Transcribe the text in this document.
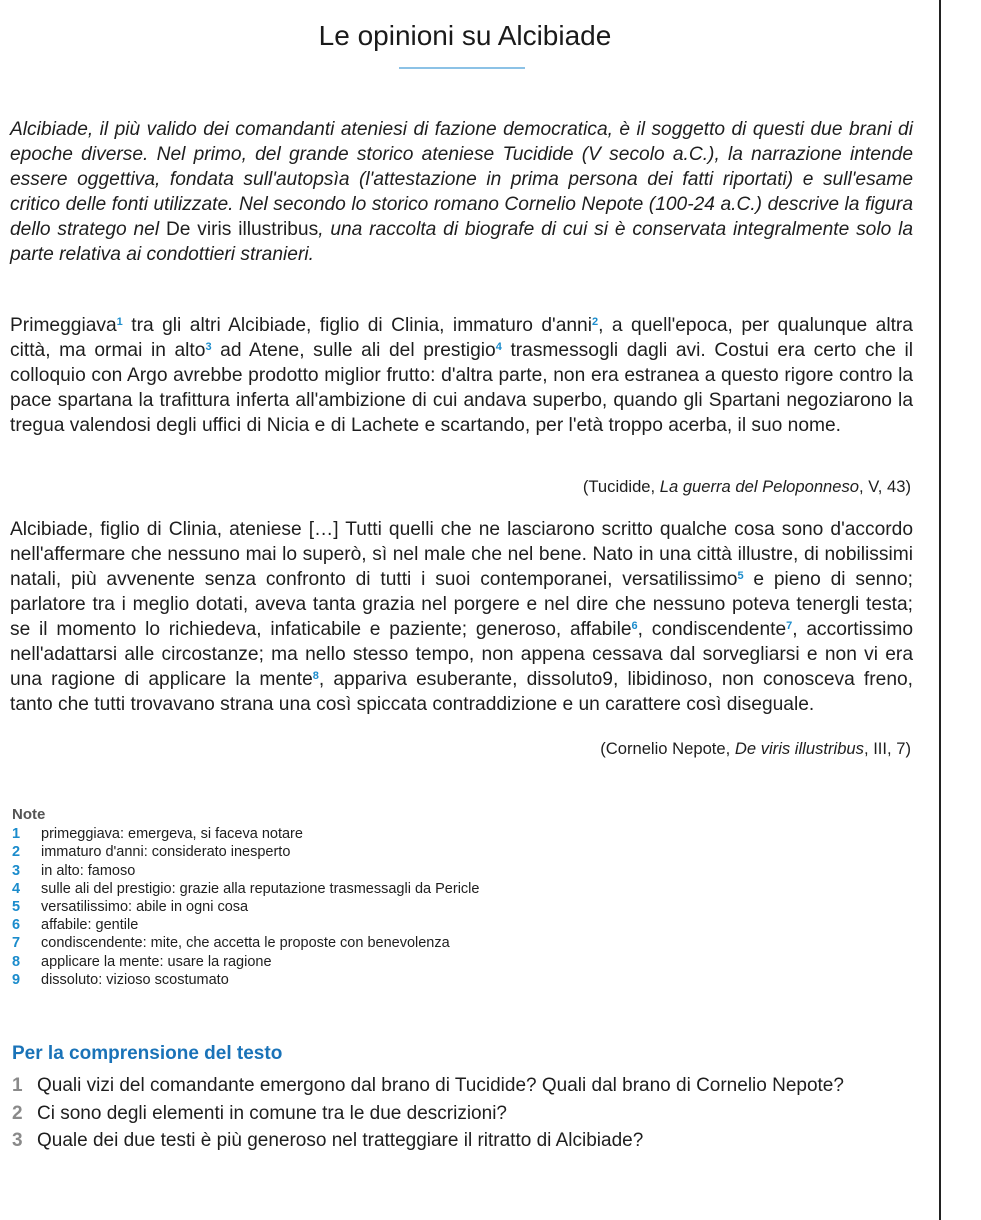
Le opinioni su Alcibiade
Alcibiade, il più valido dei comandanti ateniesi di fazione democratica, è il soggetto di questi due brani di epoche diverse. Nel primo, del grande storico ateniese Tucidide (V secolo a.C.), la narrazione intende essere oggettiva, fondata sull'autopsìa (l'attestazione in prima persona dei fatti riportati) e sull'esame critico delle fonti utilizzate. Nel secondo lo storico romano Cornelio Nepote (100-24 a.C.) descrive la figura dello stratego nel De viris illustribus, una raccolta di biografe di cui si è conservata integralmente solo la parte relativa ai condottieri stranieri.
Primeggiava$^1$ tra gli altri Alcibiade, figlio di Clinia, immaturo d'anni$^2$, a quell'epoca, per qualunque altra città, ma ormai in alto$^3$ ad Atene, sulle ali del prestigio$^4$ trasmessogli dagli avi. Costui era certo che il colloquio con Argo avrebbe prodotto miglior frutto: d'altra parte, non era estranea a questo rigore contro la pace spartana la trafittura inferta all'ambizione di cui andava superbo, quando gli Spartani negoziarono la tregua valendosi degli uffici di Nicia e di Lachete e scartando, per l'età troppo acerba, il suo nome.
(Tucidide, La guerra del Peloponneso, V, 43)
Alcibiade, figlio di Clinia, ateniese […] Tutti quelli che ne lasciarono scritto qualche cosa sono d'accordo nell'affermare che nessuno mai lo superò, sì nel male che nel bene. Nato in una città illustre, di nobilissimi natali, più avvenente senza confronto di tutti i suoi contemporanei, versatilissimo$^5$ e pieno di senno; parlatore tra i meglio dotati, aveva tanta grazia nel porgere e nel dire che nessuno poteva tenergli testa; se il momento lo richiedeva, infaticabile e paziente; generoso, affabile$^6$, condiscendente$^7$, accortissimo nell'adattarsi alle circostanze; ma nello stesso tempo, non appena cessava dal sorvegliarsi e non vi era una ragione di applicare la mente$^8$, appariva esuberante, dissoluto9, libidinoso, non conosceva freno, tanto che tutti trovavano strana una così spiccata contraddizione e un carattere così diseguale.
(Cornelio Nepote, De viris illustribus, III, 7)
Note
1	primeggiava: emergeva, si faceva notare
2	immaturo d'anni: considerato inesperto
3	in alto: famoso
4	sulle ali del prestigio: grazie alla reputazione trasmessagli da Pericle
5	versatilissimo: abile in ogni cosa
6	affabile: gentile
7	condiscendente: mite, che accetta le proposte con benevolenza
8	applicare la mente: usare la ragione
9	dissoluto: vizioso scostumato
Per la comprensione del testo
1 Quali vizi del comandante emergono dal brano di Tucidide? Quali dal brano di Cornelio Nepote?
2 Ci sono degli elementi in comune tra le due descrizioni?
3 Quale dei due testi è più generoso nel tratteggiare il ritratto di Alcibiade?
